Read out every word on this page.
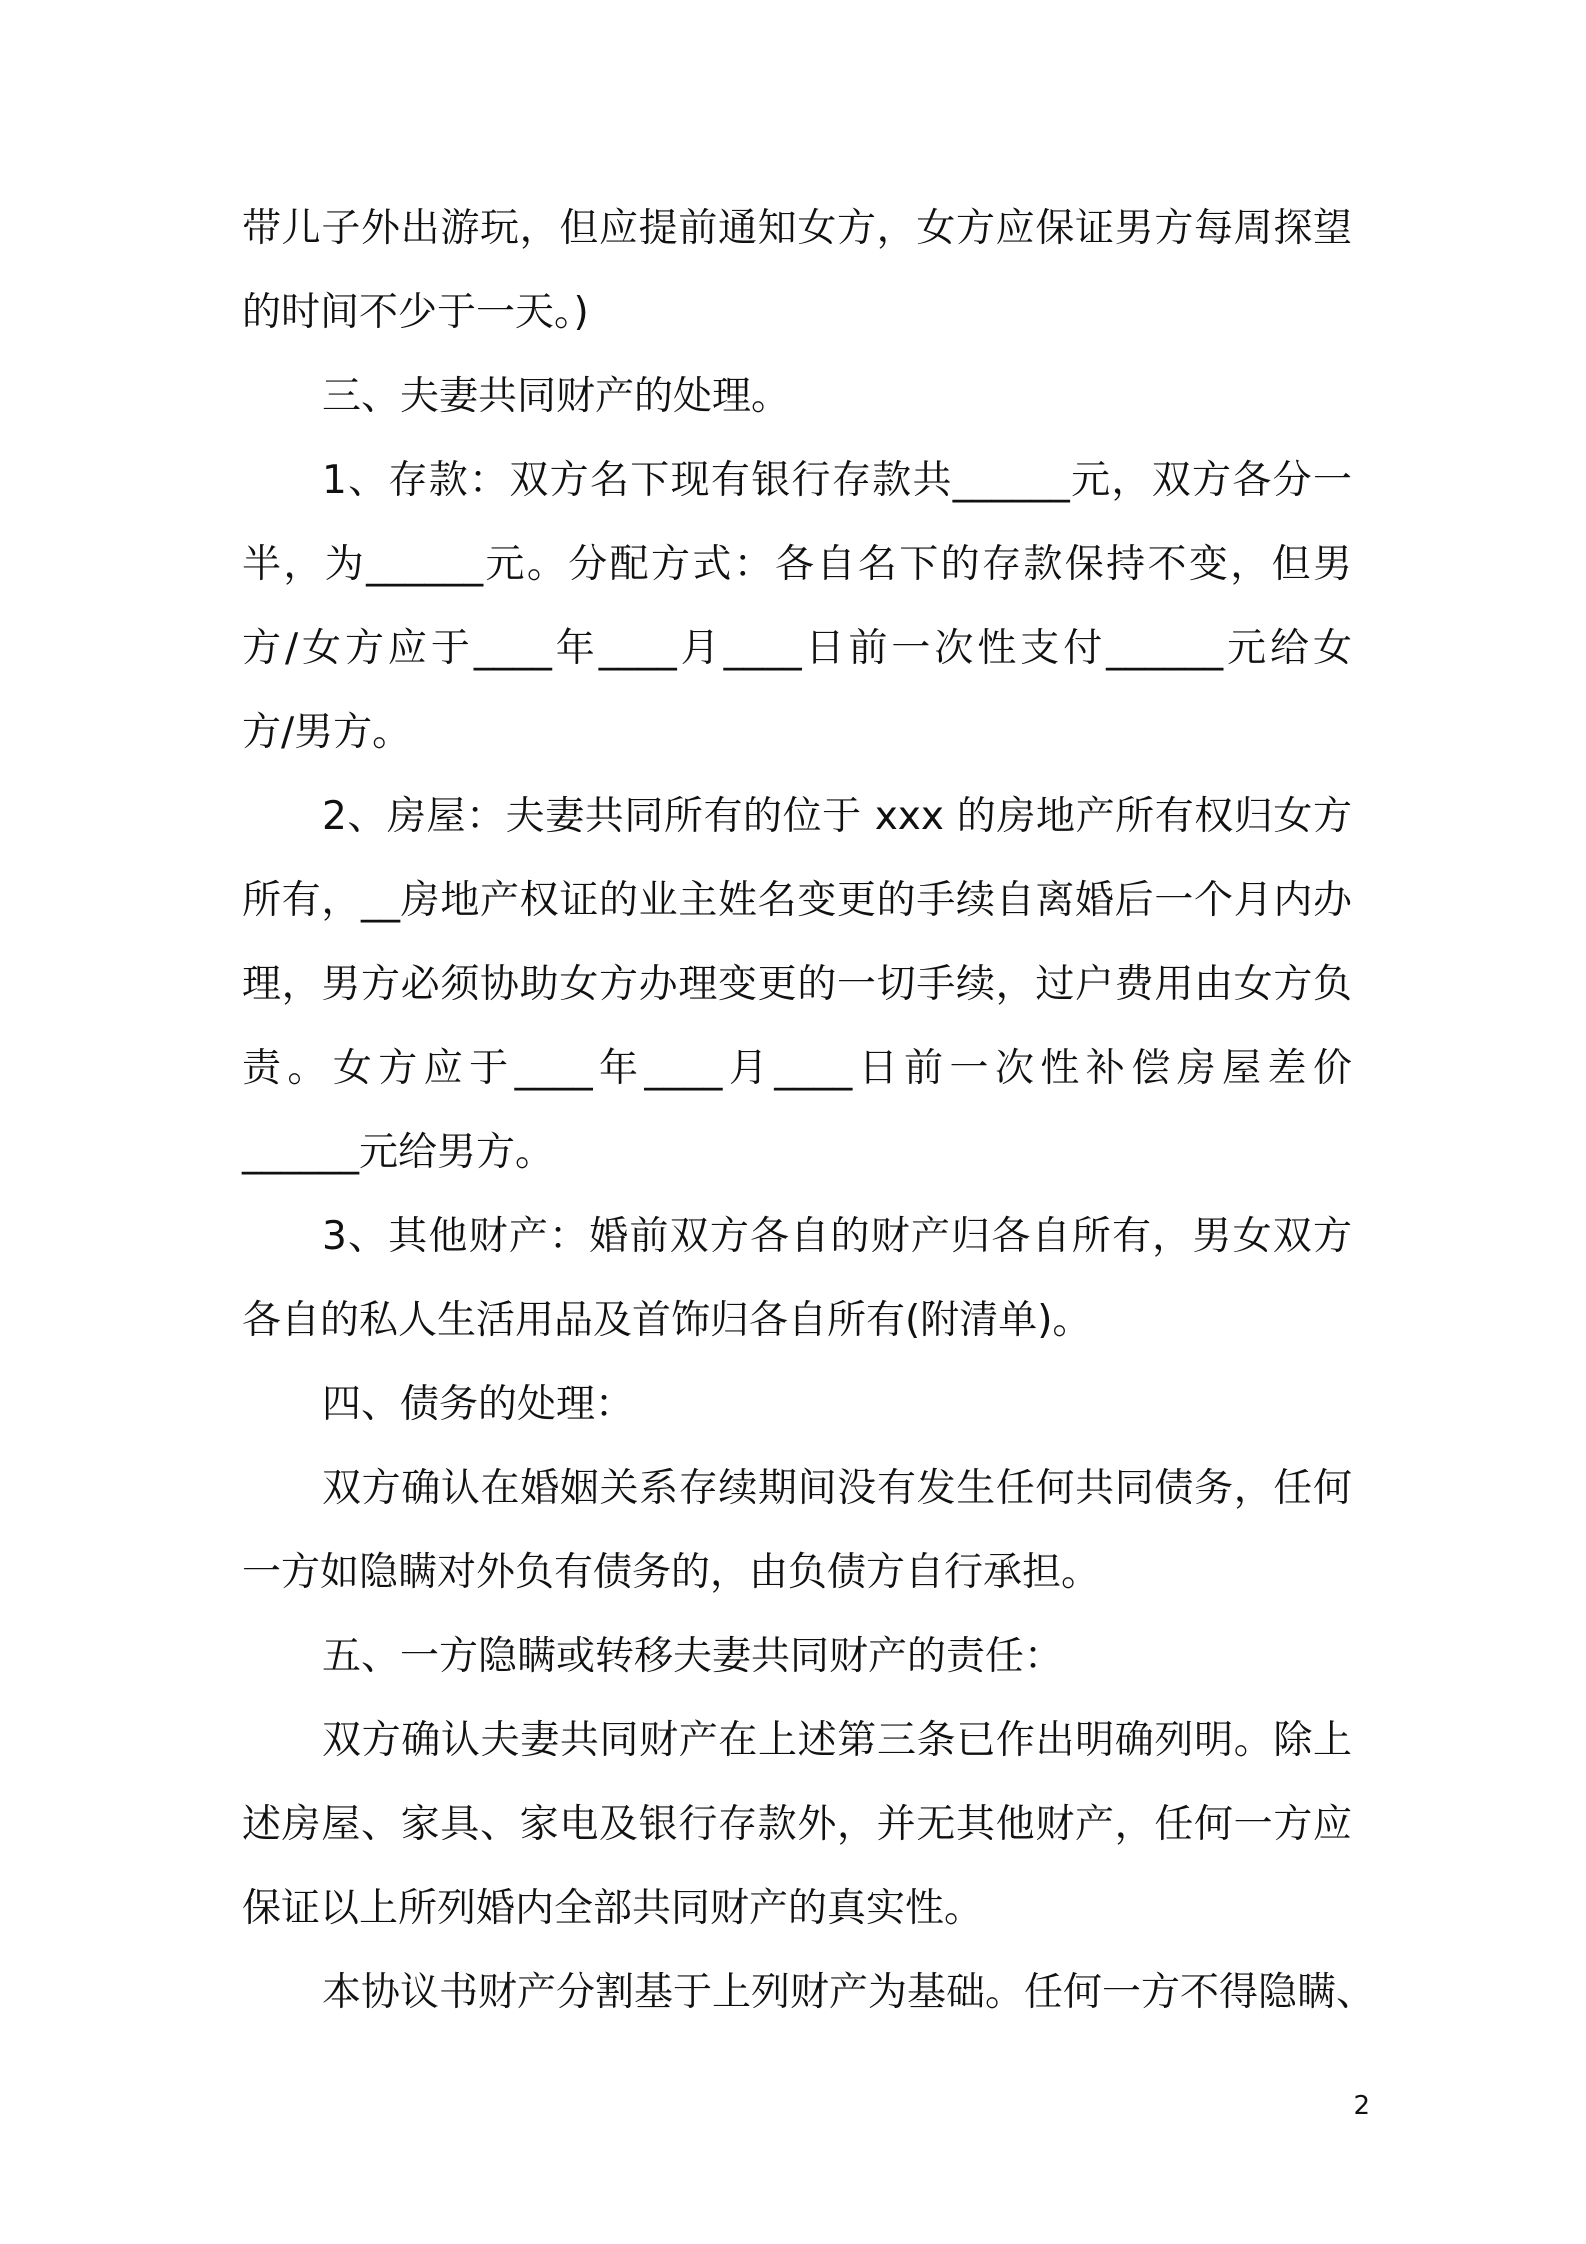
带儿子外出游玩，但应提前通知女方，女方应保证男方每周探望
的时间不少于一天。)
三、夫妻共同财产的处理。
1、存款：双方名下现有银行存款共______元，双方各分一
半，为______元。分配方式：各自名下的存款保持不变，但男
方/女方应于____年____月____日前一次性支付______元给女
方/男方。
2、房屋：夫妻共同所有的位于 xxx 的房地产所有权归女方
所有，__房地产权证的业主姓名变更的手续自离婚后一个月内办
理，男方必须协助女方办理变更的一切手续，过户费用由女方负
责。女方应于____年____月____日前一次性补偿房屋差价
______元给男方。
3、其他财产：婚前双方各自的财产归各自所有，男女双方
各自的私人生活用品及首饰归各自所有(附清单)。
四、债务的处理：
双方确认在婚姻关系存续期间没有发生任何共同债务，任何
一方如隐瞒对外负有债务的，由负债方自行承担。
五、一方隐瞒或转移夫妻共同财产的责任：
双方确认夫妻共同财产在上述第三条已作出明确列明。除上
述房屋、家具、家电及银行存款外，并无其他财产，任何一方应
保证以上所列婚内全部共同财产的真实性。
本协议书财产分割基于上列财产为基础。任何一方不得隐瞒、
2
